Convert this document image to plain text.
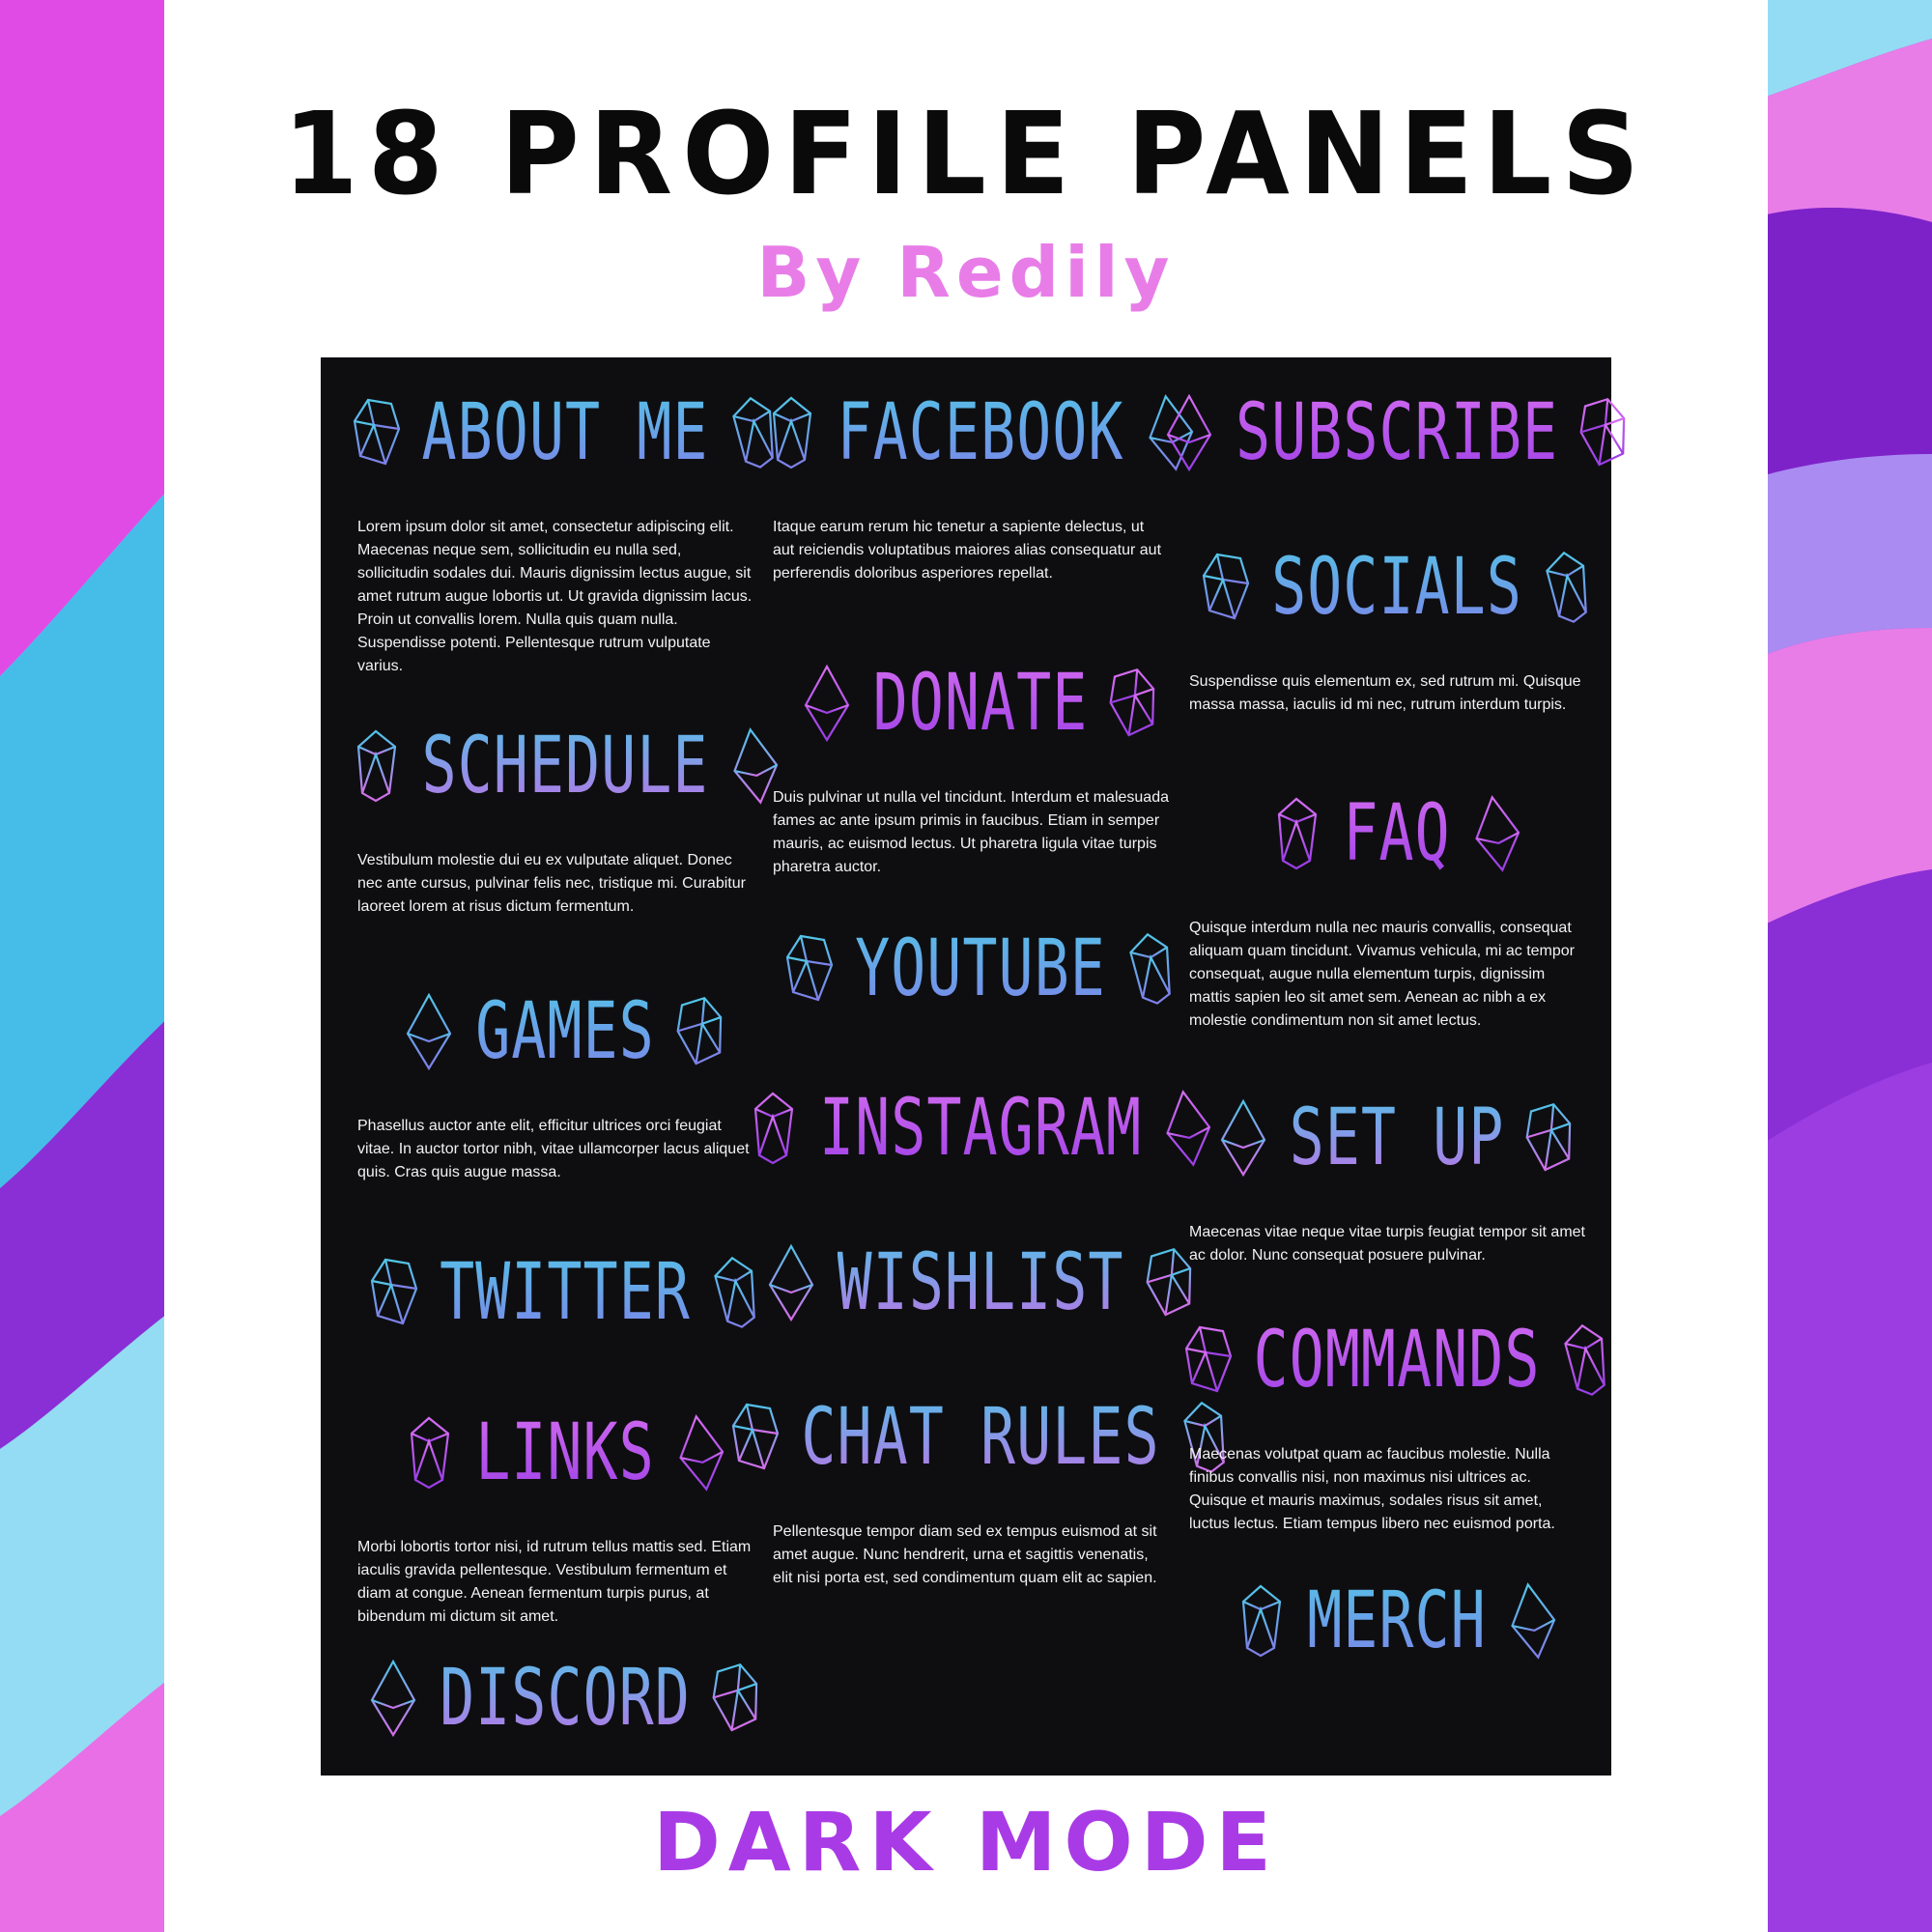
18 PROFILE PANELS
By Redily
DARK MODE
ABOUT ME
Lorem ipsum dolor sit amet, consectetur adipiscing elit. Maecenas neque sem, sollicitudin eu nulla sed, sollicitudin sodales dui. Mauris dignissim lectus augue, sit amet rutrum augue lobortis ut. Ut gravida dignissim lacus. Proin ut convallis lorem. Nulla quis quam nulla. Suspendisse potenti. Pellentesque rutrum vulputate varius.
SCHEDULE
Vestibulum molestie dui eu ex vulputate aliquet. Donec nec ante cursus, pulvinar felis nec, tristique mi. Curabitur laoreet lorem at risus dictum fermentum.
GAMES
Phasellus auctor ante elit, efficitur ultrices orci feugiat vitae. In auctor tortor nibh, vitae ullamcorper lacus aliquet quis. Cras quis augue massa.
TWITTER
LINKS
Morbi lobortis tortor nisi, id rutrum tellus mattis sed. Etiam iaculis gravida pellentesque. Vestibulum fermentum et diam at congue. Aenean fermentum turpis purus, at bibendum mi dictum sit amet.
DISCORD
FACEBOOK
Itaque earum rerum hic tenetur a sapiente delectus, ut aut reiciendis voluptatibus maiores alias consequatur aut perferendis doloribus asperiores repellat.
DONATE
Duis pulvinar ut nulla vel tincidunt. Interdum et malesuada fames ac ante ipsum primis in faucibus. Etiam in semper mauris, ac euismod lectus. Ut pharetra ligula vitae turpis pharetra auctor.
YOUTUBE
INSTAGRAM
WISHLIST
CHAT RULES
Pellentesque tempor diam sed ex tempus euismod at sit amet augue. Nunc hendrerit, urna et sagittis venenatis, elit nisi porta est, sed condimentum quam elit ac sapien.
SUBSCRIBE
SOCIALS
Suspendisse quis elementum ex, sed rutrum mi. Quisque massa massa, iaculis id mi nec, rutrum interdum turpis.
FAQ
Quisque interdum nulla nec mauris convallis, consequat aliquam quam tincidunt. Vivamus vehicula, mi ac tempor consequat, augue nulla elementum turpis, dignissim mattis sapien leo sit amet sem. Aenean ac nibh a ex molestie condimentum non sit amet lectus.
SET UP
Maecenas vitae neque vitae turpis feugiat tempor sit amet ac dolor. Nunc consequat posuere pulvinar.
COMMANDS
Maecenas volutpat quam ac faucibus molestie. Nulla finibus convallis nisi, non maximus nisi ultrices ac. Quisque et mauris maximus, sodales risus sit amet, luctus lectus. Etiam tempus libero nec euismod porta.
MERCH
